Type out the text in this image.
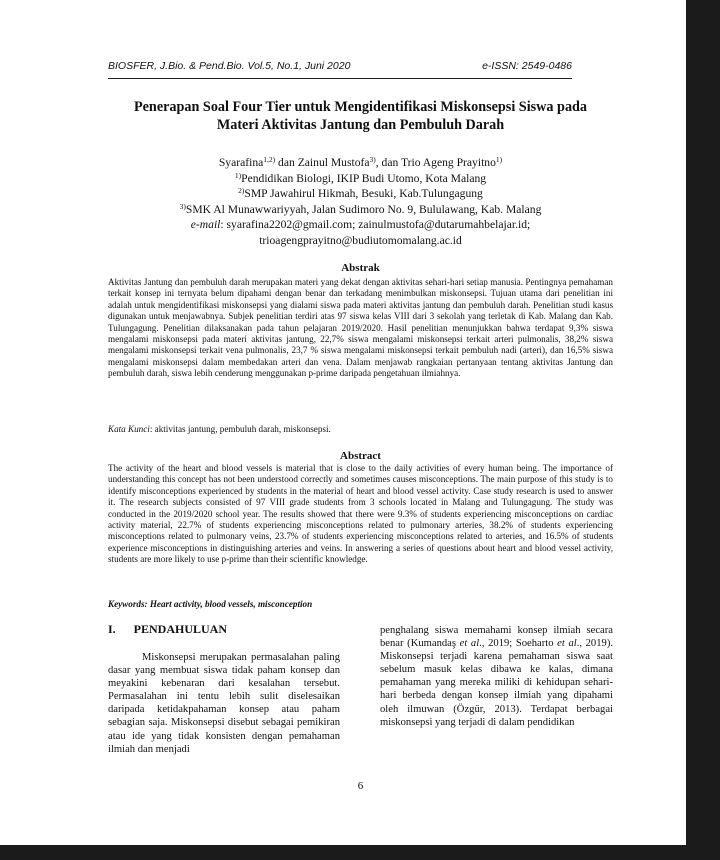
BIOSFER, J.Bio. & Pend.Bio. Vol.5, No.1, Juni 2020	e-ISSN: 2549-0486
Penerapan Soal Four Tier untuk Mengidentifikasi Miskonsepsi Siswa pada
Materi Aktivitas Jantung dan Pembuluh Darah
Syarafina$^{1,2)}$ dan Zainul Mustofa$^{3)}$, dan Trio Ageng Prayitno$^{1)}$
$^{1)}$Pendidikan Biologi, IKIP Budi Utomo, Kota Malang
$^{2)}$SMP Jawahirul Hikmah, Besuki, Kab.Tulungagung
$^{3)}$SMK Al Munawwariyyah, Jalan Sudimoro No. 9, Bululawang, Kab. Malang
e-mail: syarafina2202@gmail.com; zainulmustofa@dutarumahbelajar.id;
trioagengprayitno@budiutomomalang.ac.id
Abstrak

Aktivitas Jantung dan pembuluh darah merupakan materi yang dekat dengan aktivitas sehari-hari setiap manusia. Pentingnya pemahaman terkait konsep ini ternyata belum dipahami dengan benar dan terkadang menimbulkan miskonsepsi. Tujuan utama dari penelitian ini adalah untuk mengidentifikasi miskonsepsi yang dialami siswa pada materi aktivitas jantung dan pembuluh darah. Penelitian studi kasus digunakan untuk menjawabnya. Subjek penelitian terdiri atas 97 siswa kelas VIII dari 3 sekolah yang terletak di Kab. Malang dan Kab. Tulungagung. Penelitian dilaksanakan pada tahun pelajaran 2019/2020. Hasil penelitian menunjukkan bahwa terdapat 9,3% siswa mengalami miskonsepsi pada materi aktivitas jantung, 22,7% siswa mengalami miskonsepsi terkait arteri pulmonalis, 38,2% siswa mengalami miskonsepsi terkait vena pulmonalis, 23,7 % siswa mengalami miskonsepsi terkait pembuluh nadi (arteri), dan 16,5% siswa mengalami miskonsepsi dalam membedakan arteri dan vena. Dalam menjawab rangkaian pertanyaan tentang aktivitas Jantung dan pembuluh darah, siswa lebih cenderung menggunakan p-prime daripada pengetahuan ilmiahnya.

Kata Kunci: aktivitas jantung, pembuluh darah, miskonsepsi.
Abstract

The activity of the heart and blood vessels is material that is close to the daily activities of every human being. The importance of understanding this concept has not been understood correctly and sometimes causes misconceptions. The main purpose of this study is to identify misconceptions experienced by students in the material of heart and blood vessel activity. Case study research is used to answer it. The research subjects consisted of 97 VIII grade students from 3 schools located in Malang and Tulungagung. The study was conducted in the 2019/2020 school year. The results showed that there were 9.3% of students experiencing misconceptions on cardiac activity material, 22.7% of students experiencing misconceptions related to pulmonary arteries, 38.2% of students experiencing misconceptions related to pulmonary veins, 23.7% of students experiencing misconceptions related to arteries, and 16.5% of students experience misconceptions in distinguishing arteries and veins. In answering a series of questions about heart and blood vessel activity, students are more likely to use p-prime than their scientific knowledge.

Keywords: Heart activity, blood vessels, misconception
I. PENDAHULUAN

Miskonsepsi merupakan permasalahan paling dasar yang membuat siswa tidak paham konsep dan meyakini kebenaran dari kesalahan tersebut. Permasalahan ini tentu lebih sulit diselesaikan daripada ketidakpahaman konsep atau paham sebagian saja. Miskonsepsi disebut sebagai pemikiran atau ide yang tidak konsisten dengan pemahaman ilmiah dan menjadi

penghalang siswa memahami konsep ilmiah secara benar (Kumandaş et al., 2019; Soeharto et al., 2019). Miskonsepsi terjadi karena pemahaman siswa saat sebelum masuk kelas dibawa ke kalas, dimana pemahaman yang mereka miliki di kehidupan sehari-hari berbeda dengan konsep ilmiah yang dipahami oleh ilmuwan (Özgür, 2013). Terdapat berbagai miskonsepsi yang terjadi di dalam pendidikan

6
